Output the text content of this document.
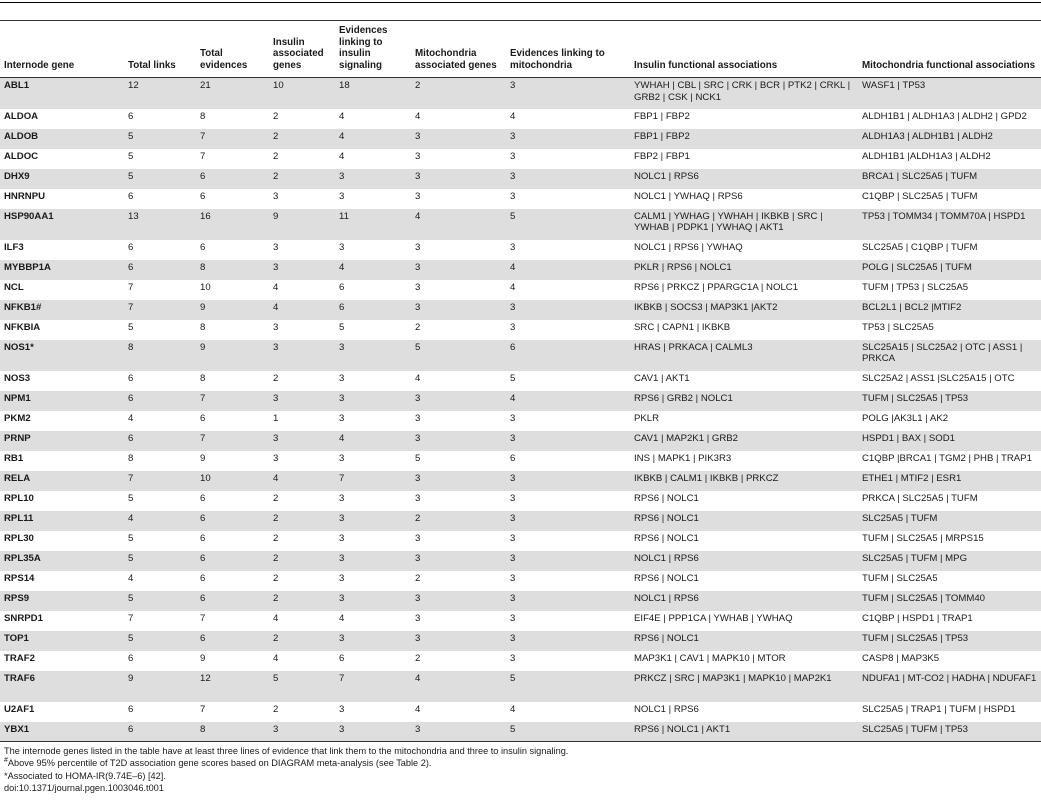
Internode gene	Total links	Total evidences	Insulin associated genes	Evidences linking to insulin signaling	Mitochondria associated genes	Evidences linking to mitochondria	Insulin functional associations	Mitochondria functional associations
ABL1	12	21	10	18	2	3	YWHAH | CBL | SRC | CRK | BCR | PTK2 | CRKL | GRB2 | CSK | NCK1	WASF1 | TP53
ALDOA	6	8	2	4	4	4	FBP1 | FBP2	ALDH1B1 | ALDH1A3 | ALDH2 | GPD2
ALDOB	5	7	2	4	3	3	FBP1 | FBP2	ALDH1A3 | ALDH1B1 | ALDH2
ALDOC	5	7	2	4	3	3	FBP2 | FBP1	ALDH1B1 |ALDH1A3 | ALDH2
DHX9	5	6	2	3	3	3	NOLC1 | RPS6	BRCA1 | SLC25A5 | TUFM
HNRNPU	6	6	3	3	3	3	NOLC1 | YWHAQ | RPS6	C1QBP | SLC25A5 | TUFM
HSP90AA1	13	16	9	11	4	5	CALM1 | YWHAG | YWHAH | IKBKB | SRC | YWHAB | PDPK1 | YWHAQ | AKT1	TP53 | TOMM34 | TOMM70A | HSPD1
ILF3	6	6	3	3	3	3	NOLC1 | RPS6 | YWHAQ	SLC25A5 | C1QBP | TUFM
MYBBP1A	6	8	3	4	3	4	PKLR | RPS6 | NOLC1	POLG | SLC25A5 | TUFM
NCL	7	10	4	6	3	4	RPS6 | PRKCZ | PPARGC1A | NOLC1	TUFM | TP53 | SLC25A5
NFKB1#	7	9	4	6	3	3	IKBKB | SOCS3 | MAP3K1 |AKT2	BCL2L1 | BCL2 |MTIF2
NFKBIA	5	8	3	5	2	3	SRC | CAPN1 | IKBKB	TP53 | SLC25A5
NOS1*	8	9	3	3	5	6	HRAS | PRKACA | CALML3	SLC25A15 | SLC25A2 | OTC | ASS1 | PRKCA
NOS3	6	8	2	3	4	5	CAV1 | AKT1	SLC25A2 | ASS1 |SLC25A15 | OTC
NPM1	6	7	3	3	3	4	RPS6 | GRB2 | NOLC1	TUFM | SLC25A5 | TP53
PKM2	4	6	1	3	3	3	PKLR	POLG |AK3L1 | AK2
PRNP	6	7	3	4	3	3	CAV1 | MAP2K1 | GRB2	HSPD1 | BAX | SOD1
RB1	8	9	3	3	5	6	INS | MAPK1 | PIK3R3	C1QBP |BRCA1 | TGM2 | PHB | TRAP1
RELA	7	10	4	7	3	3	IKBKB | CALM1 | IKBKB | PRKCZ	ETHE1 | MTIF2 | ESR1
RPL10	5	6	2	3	3	3	RPS6 | NOLC1	PRKCA | SLC25A5 | TUFM
RPL11	4	6	2	3	2	3	RPS6 | NOLC1	SLC25A5 | TUFM
RPL30	5	6	2	3	3	3	RPS6 | NOLC1	TUFM | SLC25A5 | MRPS15
RPL35A	5	6	2	3	3	3	NOLC1 | RPS6	SLC25A5 | TUFM | MPG
RPS14	4	6	2	3	2	3	RPS6 | NOLC1	TUFM | SLC25A5
RPS9	5	6	2	3	3	3	NOLC1 | RPS6	TUFM | SLC25A5 | TOMM40
SNRPD1	7	7	4	4	3	3	EIF4E | PPP1CA | YWHAB | YWHAQ	C1QBP | HSPD1 | TRAP1
TOP1	5	6	2	3	3	3	RPS6 | NOLC1	TUFM | SLC25A5 | TP53
TRAF2	6	9	4	6	2	3	MAP3K1 | CAV1 | MAPK10 | MTOR	CASP8 | MAP3K5
TRAF6	9	12	5	7	4	5	PRKCZ | SRC | MAP3K1 | MAPK10 | MAP2K1	NDUFA1 | MT-CO2 | HADHA | NDUFAF1
U2AF1	6	7	2	3	4	4	NOLC1 | RPS6	SLC25A5 | TRAP1 | TUFM | HSPD1
YBX1	6	8	3	3	3	5	RPS6 | NOLC1 | AKT1	SLC25A5 | TUFM | TP53
The internode genes listed in the table have at least three lines of evidence that link them to the mitochondria and three to insulin signaling.
#Above 95% percentile of T2D association gene scores based on DIAGRAM meta-analysis (see Table 2).
*Associated to HOMA-IR(9.74E–6) [42].
doi:10.1371/journal.pgen.1003046.t001
